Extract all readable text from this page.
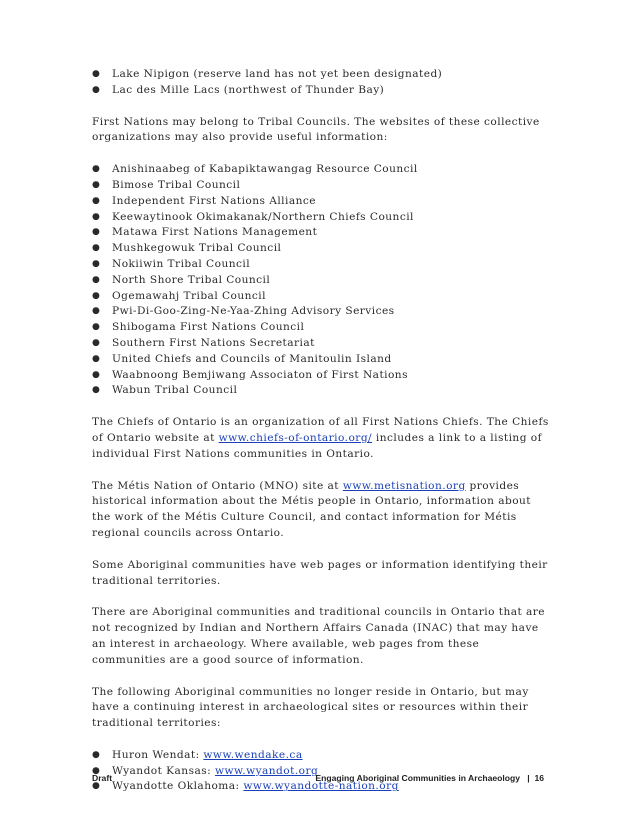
● Lake Nipigon (reserve land has not yet been designated)
● Lac des Mille Lacs (northwest of Thunder Bay)

First Nations may belong to Tribal Councils. The websites of these collective organizations may also provide useful information:

● Anishinaabeg of Kabapiktawangag Resource Council
● Bimose Tribal Council
● Independent First Nations Alliance
● Keewaytinook Okimakanak/Northern Chiefs Council
● Matawa First Nations Management
● Mushkegowuk Tribal Council
● Nokiiwin Tribal Council
● North Shore Tribal Council
● Ogemawahj Tribal Council
● Pwi-Di-Goo-Zing-Ne-Yaa-Zhing Advisory Services
● Shibogama First Nations Council
● Southern First Nations Secretariat
● United Chiefs and Councils of Manitoulin Island
● Waabnoong Bemjiwang Associaton of First Nations
● Wabun Tribal Council

The Chiefs of Ontario is an organization of all First Nations Chiefs. The Chiefs of Ontario website at www.chiefs-of-ontario.org/ includes a link to a listing of individual First Nations communities in Ontario.

The Métis Nation of Ontario (MNO) site at www.metisnation.org provides historical information about the Métis people in Ontario, information about the work of the Métis Culture Council, and contact information for Métis regional councils across Ontario.

Some Aboriginal communities have web pages or information identifying their traditional territories.

There are Aboriginal communities and traditional councils in Ontario that are not recognized by Indian and Northern Affairs Canada (INAC) that may have an interest in archaeology. Where available, web pages from these communities are a good source of information.

The following Aboriginal communities no longer reside in Ontario, but may have a continuing interest in archaeological sites or resources within their traditional territories:

● Huron Wendat: www.wendake.ca
● Wyandot Kansas: www.wyandot.org
● Wyandotte Oklahoma: www.wyandotte-nation.org
Draft	Engaging Aboriginal Communities in Archaeology | 16
